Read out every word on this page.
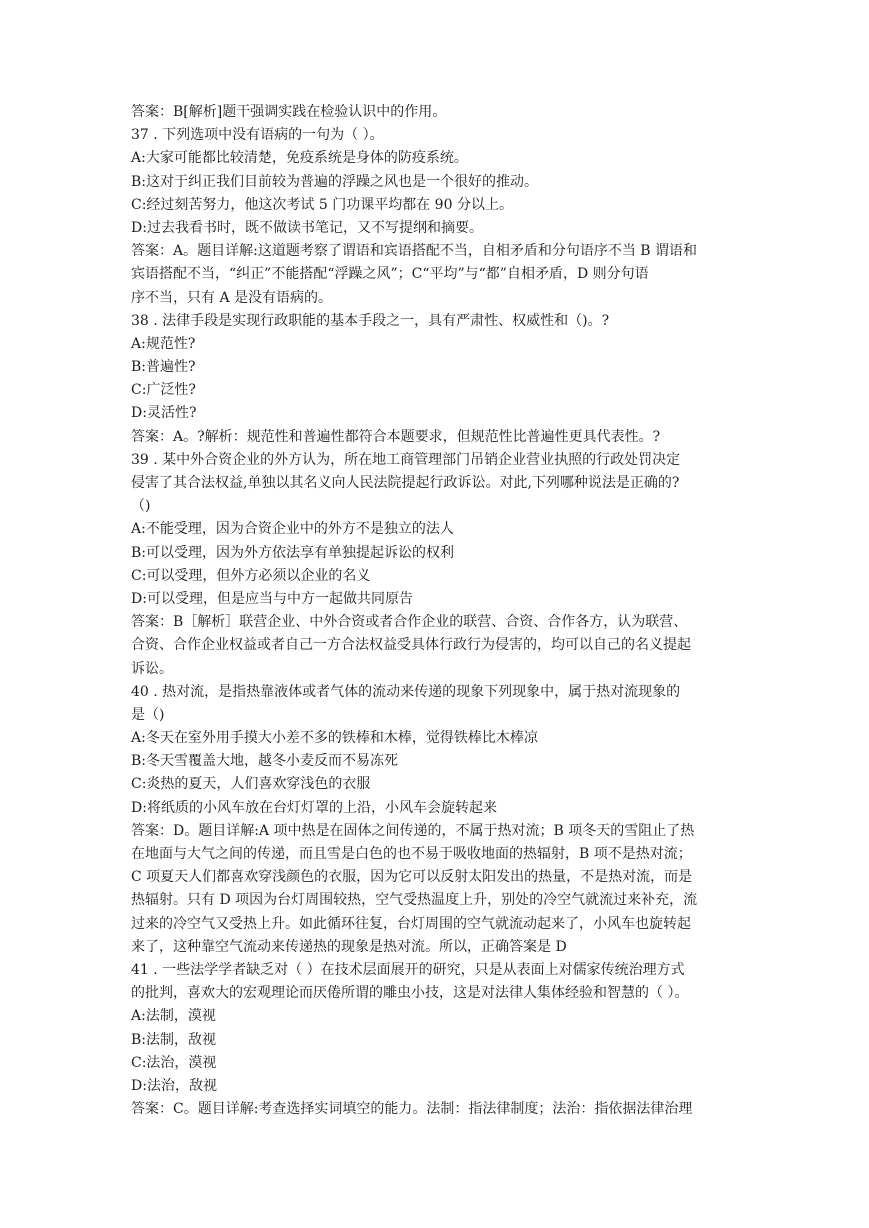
答案：B[解析]题干强调实践在检验认识中的作用。
37 . 下列选项中没有语病的一句为（ ）。
A:大家可能都比较清楚，免疫系统是身体的防疫系统。
B:这对于纠正我们目前较为普遍的浮躁之风也是一个很好的推动。
C:经过刻苦努力，他这次考试 5 门功课平均都在 90 分以上。
D:过去我看书时，既不做读书笔记，又不写提纲和摘要。
答案：A。题目详解:这道题考察了谓语和宾语搭配不当，自相矛盾和分句语序不当 B 谓语和
宾语搭配不当，“纠正”不能搭配“浮躁之风”；C“平均”与“都”自相矛盾，D 则分句语
序不当，只有 A 是没有语病的。
38 . 法律手段是实现行政职能的基本手段之一，具有严肃性、权威性和（)。?
A:规范性?
B:普遍性?
C:广泛性?
D:灵活性?
答案：A。?解析：规范性和普遍性都符合本题要求，但规范性比普遍性更具代表性。?
39 . 某中外合资企业的外方认为，所在地工商管理部门吊销企业营业执照的行政处罚决定
侵害了其合法权益,单独以其名义向人民法院提起行政诉讼。对此,下列哪种说法是正确的?
（)
A:不能受理，因为合资企业中的外方不是独立的法人
B:可以受理，因为外方依法享有单独提起诉讼的权利
C:可以受理，但外方必须以企业的名义
D:可以受理，但是应当与中方一起做共同原告
答案：B［解析］联营企业、中外合资或者合作企业的联营、合资、合作各方，认为联营、
合资、合作企业权益或者自己一方合法权益受具体行政行为侵害的，均可以自己的名义提起
诉讼。
40 . 热对流，是指热靠液体或者气体的流动来传递的现象下列现象中，属于热对流现象的
是（)
A:冬天在室外用手摸大小差不多的铁棒和木棒，觉得铁棒比木棒凉
B:冬天雪覆盖大地，越冬小麦反而不易冻死
C:炎热的夏天，人们喜欢穿浅色的衣服
D:将纸质的小风车放在台灯灯罩的上沿，小风车会旋转起来
答案：D。题目详解:A 项中热是在固体之间传递的，不属于热对流；B 项冬天的雪阻止了热
在地面与大气之间的传递，而且雪是白色的也不易于吸收地面的热辐射，B 项不是热对流；
C 项夏天人们都喜欢穿浅颜色的衣服，因为它可以反射太阳发出的热量，不是热对流，而是
热辐射。只有 D 项因为台灯周围较热，空气受热温度上升，别处的冷空气就流过来补充，流
过来的冷空气又受热上升。如此循环往复，台灯周围的空气就流动起来了，小风车也旋转起
来了，这种靠空气流动来传递热的现象是热对流。所以，正确答案是 D
41 . 一些法学学者缺乏对（ ）在技术层面展开的研究，只是从表面上对儒家传统治理方式
的批判，喜欢大的宏观理论而厌倦所谓的雕虫小技，这是对法律人集体经验和智慧的（ ）。
A:法制，漠视
B:法制，敌视
C:法治，漠视
D:法治，敌视
答案：C。题目详解:考查选择实词填空的能力。法制：指法律制度；法治：指依据法律治理
